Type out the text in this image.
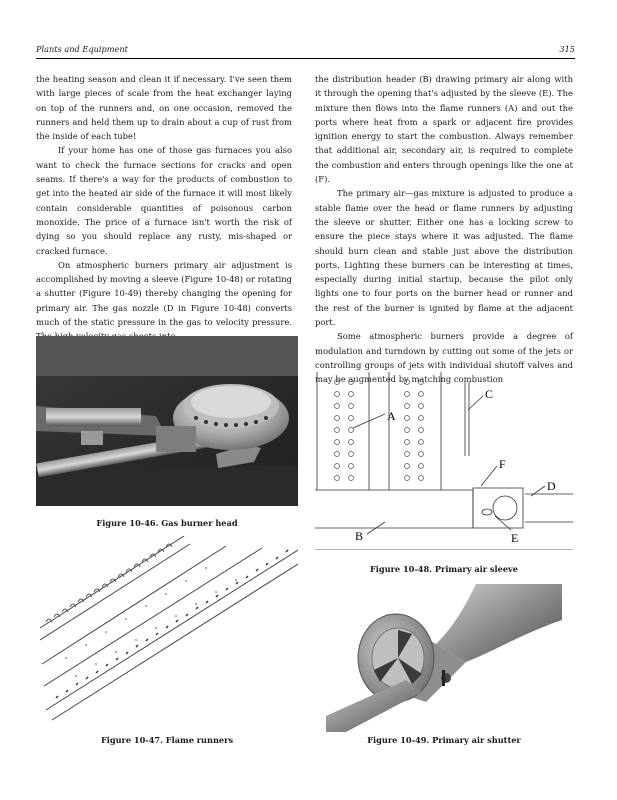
Plants and Equipment	315

the heating season and clean it if necessary. I've seen them with large pieces of scale from the heat exchanger laying on top of the runners and, on one occasion, removed the runners and held them up to drain about a cup of rust from the inside of each tube!

If your home has one of those gas furnaces you also want to check the furnace sections for cracks and open seams. If there's a way for the products of combustion to get into the heated air side of the furnace it will most likely contain considerable quantities of poisonous carbon monoxide. The price of a furnace isn't worth the risk of dying so you should replace any rusty, mis-shaped or cracked furnace.

On atmospheric burners primary air adjustment is accomplished by moving a sleeve (Figure 10-48) or rotating a shutter (Figure 10-49) thereby changing the opening for primary air. The gas nozzle (D in Figure 10-48) converts much of the static pressure in the gas to velocity pressure.

the distribution header (B) drawing primary air along with it through the opening that's adjusted by the sleeve (E). The mixture then flows into the flame runners (A) and out the ports where heat from a spark or adjacent fire provides ignition energy to start the combustion. Always remember that additional air, secondary air, is required to complete the combustion and enters through openings like the one at (F).

The primary air—gas mixture is adjusted to produce a stable flame over the head or flame runners by adjusting the sleeve or shutter. Either one has a locking screw to ensure the piece stays where it was adjusted. The flame should burn clean and stable just above the distribution ports. Lighting these burners can be interesting at times, especially during initial startup, because the pilot only lights one to four ports on the burner head or runner and the rest of the burner is ignited by flame at the adjacent port.

Some atmospheric burners provide a degree of modulation and turndown by cutting out some of the jets or controlling groups of jets with individual shutoff valves and may be augmented by matching combustion

Figure 10-46. Gas burner head
A
C
F
D
B	E
Figure 10-48. Primary air sleeve
Figure 10-47. Flame runners	Figure 10-49. Primary air shutter
